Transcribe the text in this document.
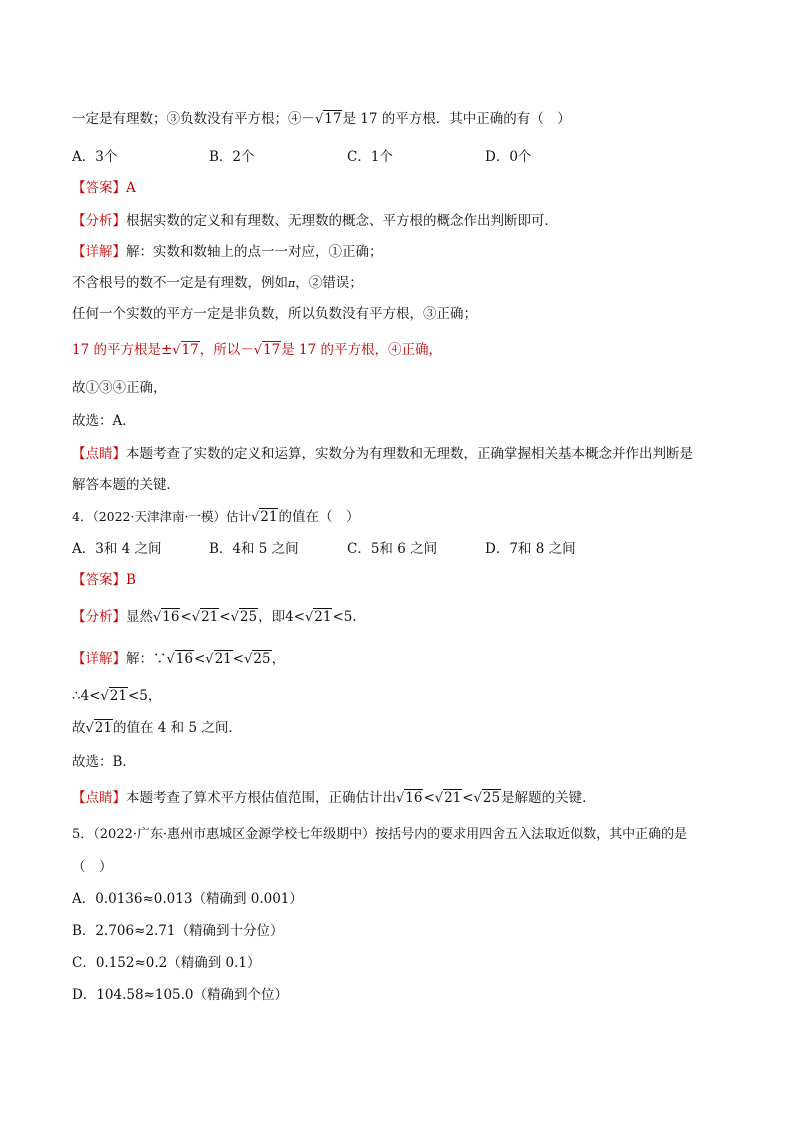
一定是有理数；③负数没有平方根；④－√17是 17 的平方根．其中正确的有（　）
A．3个	B．2个	C．1个	D．0个
【答案】A
【分析】根据实数的定义和有理数、无理数的概念、平方根的概念作出判断即可．
【详解】解：实数和数轴上的点一一对应，①正确；
不含根号的数不一定是有理数，例如π，②错误；
任何一个实数的平方一定是非负数，所以负数没有平方根，③正确；
17 的平方根是±√17，所以－√17是 17 的平方根，④正确，
故①③④正确，
故选：A．
【点睛】本题考查了实数的定义和运算，实数分为有理数和无理数，正确掌握相关基本概念并作出判断是
解答本题的关键．
4．（2022·天津津南·一模）估计√21的值在（　）
A．3和 4 之间	B．4和 5 之间	C．5和 6 之间	D．7和 8 之间
【答案】B
【分析】显然√16<√21<√25，即4<√21<5．
【详解】解：∵√16<√21<√25，
∴4<√21<5，
故√21的值在 4 和 5 之间．
故选：B．
【点睛】本题考查了算术平方根估值范围，正确估计出√16<√21<√25是解题的关键．
5．（2022·广东·惠州市惠城区金源学校七年级期中）按括号内的要求用四舍五入法取近似数，其中正确的是
（　）
A．0.0136≈0.013（精确到 0.001）
B．2.706≈2.71（精确到十分位）
C．0.152≈0.2（精确到 0.1）
D．104.58≈105.0（精确到个位）
